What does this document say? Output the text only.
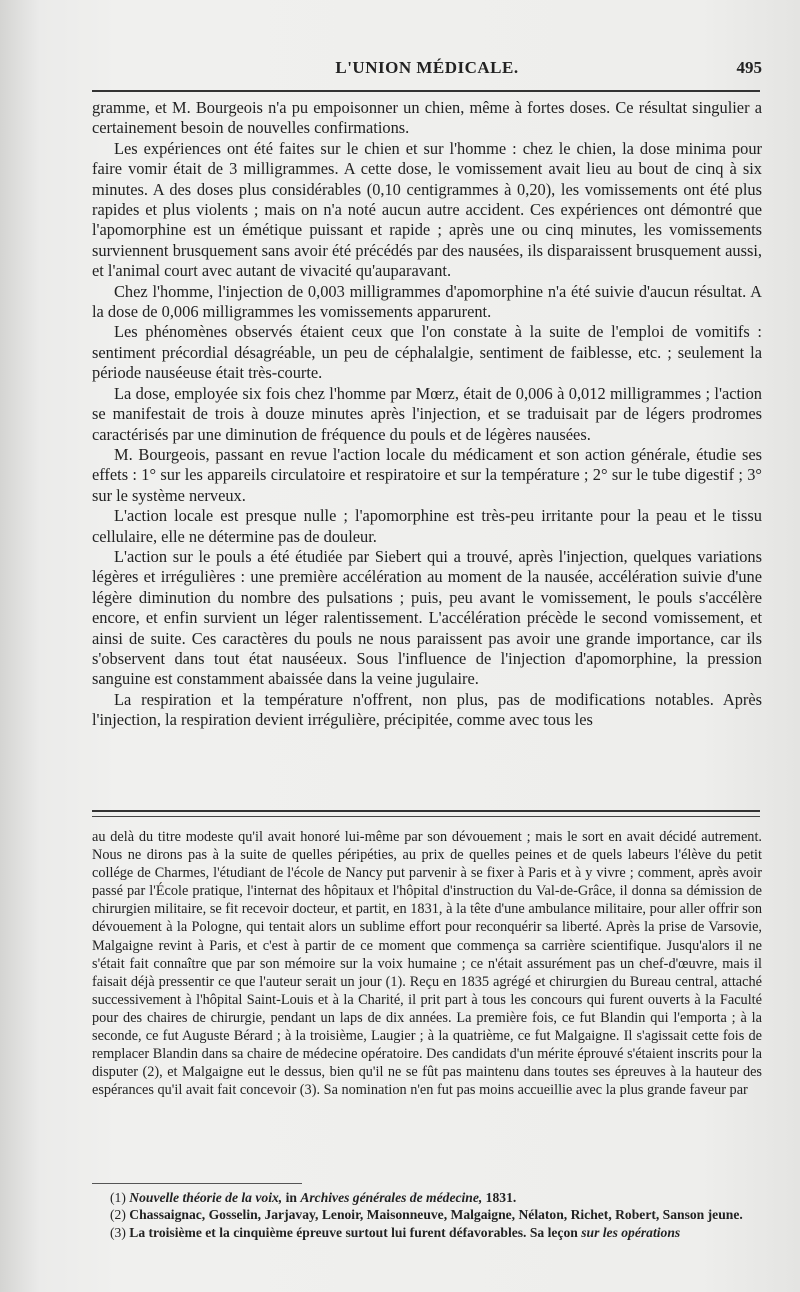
L'UNION MÉDICALE.	495

gramme, et M. Bourgeois n'a pu empoisonner un chien, même à fortes doses. Ce résultat singulier a certainement besoin de nouvelles confirmations.

Les expériences ont été faites sur le chien et sur l'homme : chez le chien, la dose minima pour faire vomir était de 3 milligrammes. A cette dose, le vomissement avait lieu au bout de cinq à six minutes. A des doses plus considérables (0,10 centigrammes à 0,20), les vomissements ont été plus rapides et plus violents ; mais on n'a noté aucun autre accident. Ces expériences ont démontré que l'apomorphine est un émétique puissant et rapide ; après une ou cinq minutes, les vomissements surviennent brusquement sans avoir été précédés par des nausées, ils disparaissent brusquement aussi, et l'animal court avec autant de vivacité qu'auparavant.

Chez l'homme, l'injection de 0,003 milligrammes d'apomorphine n'a été suivie d'aucun résultat. A la dose de 0,006 milligrammes les vomissements apparurent.

Les phénomènes observés étaient ceux que l'on constate à la suite de l'emploi de vomitifs : sentiment précordial désagréable, un peu de céphalalgie, sentiment de faiblesse, etc. ; seulement la période nauséeuse était très-courte.

La dose, employée six fois chez l'homme par Mœrz, était de 0,006 à 0,012 milligrammes ; l'action se manifestait de trois à douze minutes après l'injection, et se traduisait par de légers prodromes caractérisés par une diminution de fréquence du pouls et de légères nausées.

M. Bourgeois, passant en revue l'action locale du médicament et son action générale, étudie ses effets : 1° sur les appareils circulatoire et respiratoire et sur la température ; 2° sur le tube digestif ; 3° sur le système nerveux.

L'action locale est presque nulle ; l'apomorphine est très-peu irritante pour la peau et le tissu cellulaire, elle ne détermine pas de douleur.

L'action sur le pouls a été étudiée par Siebert qui a trouvé, après l'injection, quelques variations légères et irrégulières : une première accélération au moment de la nausée, accélération suivie d'une légère diminution du nombre des pulsations ; puis, peu avant le vomissement, le pouls s'accélère encore, et enfin survient un léger ralentissement. L'accélération précède le second vomissement, et ainsi de suite. Ces caractères du pouls ne nous paraissent pas avoir une grande importance, car ils s'observent dans tout état nauséeux. Sous l'influence de l'injection d'apomorphine, la pression sanguine est constamment abaissée dans la veine jugulaire.

La respiration et la température n'offrent, non plus, pas de modifications notables. Après l'injection, la respiration devient irrégulière, précipitée, comme avec tous les

au delà du titre modeste qu'il avait honoré lui-même par son dévouement ; mais le sort en avait décidé autrement. Nous ne dirons pas à la suite de quelles péripéties, au prix de quelles peines et de quels labeurs l'élève du petit collége de Charmes, l'étudiant de l'école de Nancy put parvenir à se fixer à Paris et à y vivre ; comment, après avoir passé par l'École pratique, l'internat des hôpitaux et l'hôpital d'instruction du Val-de-Grâce, il donna sa démission de chirurgien militaire, se fit recevoir docteur, et partit, en 1831, à la tête d'une ambulance militaire, pour aller offrir son dévouement à la Pologne, qui tentait alors un sublime effort pour reconquérir sa liberté. Après la prise de Varsovie, Malgaigne revint à Paris, et c'est à partir de ce moment que commença sa carrière scientifique. Jusqu'alors il ne s'était fait connaître que par son mémoire sur la voix humaine ; ce n'était assurément pas un chef-d'œuvre, mais il faisait déjà pressentir ce que l'auteur serait un jour (1). Reçu en 1835 agrégé et chirurgien du Bureau central, attaché successivement à l'hôpital Saint-Louis et à la Charité, il prit part à tous les concours qui furent ouverts à la Faculté pour des chaires de chirurgie, pendant un laps de dix années. La première fois, ce fut Blandin qui l'emporta ; à la seconde, ce fut Auguste Bérard ; à la troisième, Laugier ; à la quatrième, ce fut Malgaigne. Il s'agissait cette fois de remplacer Blandin dans sa chaire de médecine opératoire. Des candidats d'un mérite éprouvé s'étaient inscrits pour la disputer (2), et Malgaigne eut le dessus, bien qu'il ne se fût pas maintenu dans toutes ses épreuves à la hauteur des espérances qu'il avait fait concevoir (3). Sa nomination n'en fut pas moins accueillie avec la plus grande faveur par

(1) Nouvelle théorie de la voix, in Archives générales de médecine, 1831.

(2) Chassaignac, Gosselin, Jarjavay, Lenoir, Maisonneuve, Malgaigne, Nélaton, Richet, Robert, Sanson jeune.

(3) La troisième et la cinquième épreuve surtout lui furent défavorables. Sa leçon sur les opérations
